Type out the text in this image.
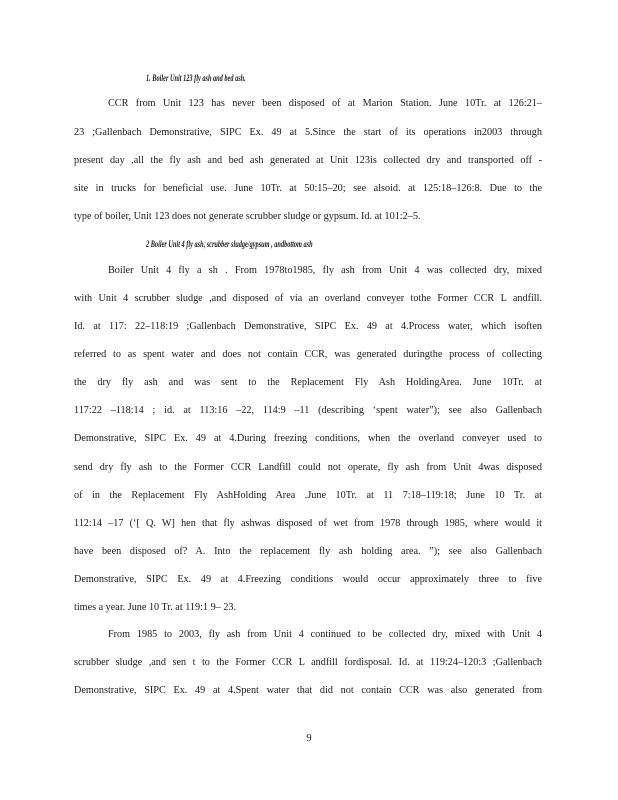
1. Boiler Unit 123 fly ash and bed ash.
CCR from Unit 123 has never been disposed of at Marion Station. June 10Tr. at 126:21–
23 ;Gallenbach Demonstrative, SIPC Ex. 49 at 5.Since the start of its operations in2003 through
present day ,all the fly ash and bed ash generated at Unit 123is collected dry and transported off -
site in trucks for beneficial use. June 10Tr. at 50:15–20; see alsoid. at 125:18–126:8. Due to the
type of boiler, Unit 123 does not generate scrubber sludge or gypsum. Id. at 101:2–5.
2 Boiler Unit 4 fly ash, scrubber sludge/gypsum , andbottom ash
Boiler Unit 4 fly a sh . From 1978to1985, fly ash from Unit 4 was collected dry, mixed
with Unit 4 scrubber sludge ,and disposed of via an overland conveyer tothe Former CCR L andfill.
Id. at 117: 22–118:19 ;Gallenbach Demonstrative, SIPC Ex. 49 at 4.Process water, which isoften
referred to as spent water and does not contain CCR, was generated duringthe process of collecting
the dry fly ash and was sent to the Replacement Fly Ash HoldingArea. June 10Tr. at
117:22 –118:14 ; id. at 113:16 –22, 114:9 –11 (describing ‘spent water”); see also Gallenbach
Demonstrative, SIPC Ex. 49 at 4.During freezing conditions, when the overland conveyer used to
send dry fly ash to the Former CCR Landfill could not operate, fly ash from Unit 4was disposed
of in the Replacement Fly AshHolding Area .June 10Tr. at 11 7:18–119:18; June 10 Tr. at
112:14 –17 (‘[ Q. W] hen that fly ashwas disposed of wet from 1978 through 1985, where would it
have been disposed of? A. Into the replacement fly ash holding area. ”); see also Gallenbach
Demonstrative, SIPC Ex. 49 at 4.Freezing conditions would occur approximately three to five
times a year. June 10 Tr. at 119:1 9– 23.
From 1985 to 2003, fly ash from Unit 4 continued to be collected dry, mixed with Unit 4
scrubber sludge ,and sen t to the Former CCR L andfill fordisposal. Id. at 119:24–120:3 ;Gallenbach
Demonstrative, SIPC Ex. 49 at 4.Spent water that did not contain CCR was also generated from
9
